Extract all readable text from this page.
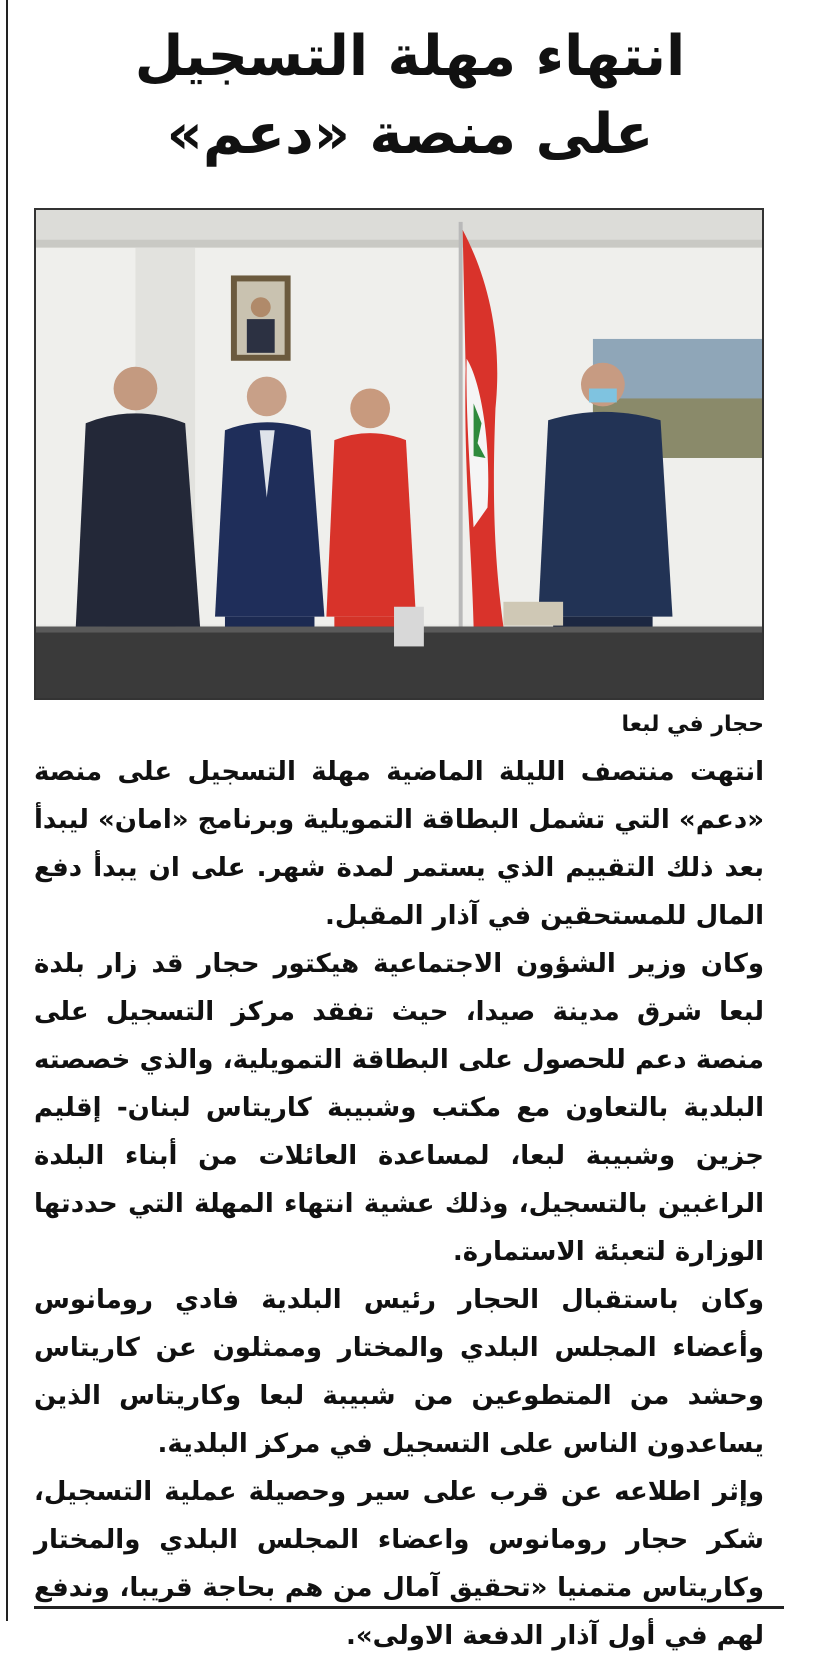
انتهاء مهلة التسجيل
على منصة «دعم»
حجار في لبعا

انتهت منتصف الليلة الماضية مهلة التسجيل على منصة «دعم» التي تشمل البطاقة التمويلية وبرنامج «امان» ليبدأ بعد ذلك التقييم الذي يستمر لمدة شهر. على ان يبدأ دفع المال للمستحقين في آذار المقبل.

وكان وزير الشؤون الاجتماعية هيكتور حجار قد زار بلدة لبعا شرق مدينة صيدا، حيث تفقد مركز التسجيل على منصة دعم للحصول على البطاقة التمويلية، والذي خصصته البلدية بالتعاون مع مكتب وشبيبة كاريتاس لبنان- إقليم جزين وشبيبة لبعا، لمساعدة العائلات من أبناء البلدة الراغبين بالتسجيل، وذلك عشية انتهاء المهلة التي حددتها الوزارة لتعبئة الاستمارة.

وكان باستقبال الحجار رئيس البلدية فادي رومانوس وأعضاء المجلس البلدي والمختار وممثلون عن كاريتاس وحشد من المتطوعين من شبيبة لبعا وكاريتاس الذين يساعدون الناس على التسجيل في مركز البلدية.

وإثر اطلاعه عن قرب على سير وحصيلة عملية التسجيل، شكر حجار رومانوس واعضاء المجلس البلدي والمختار وكاريتاس متمنيا «تحقيق آمال من هم بحاجة قريبا، وندفع لهم في أول آذار الدفعة الاولى».
